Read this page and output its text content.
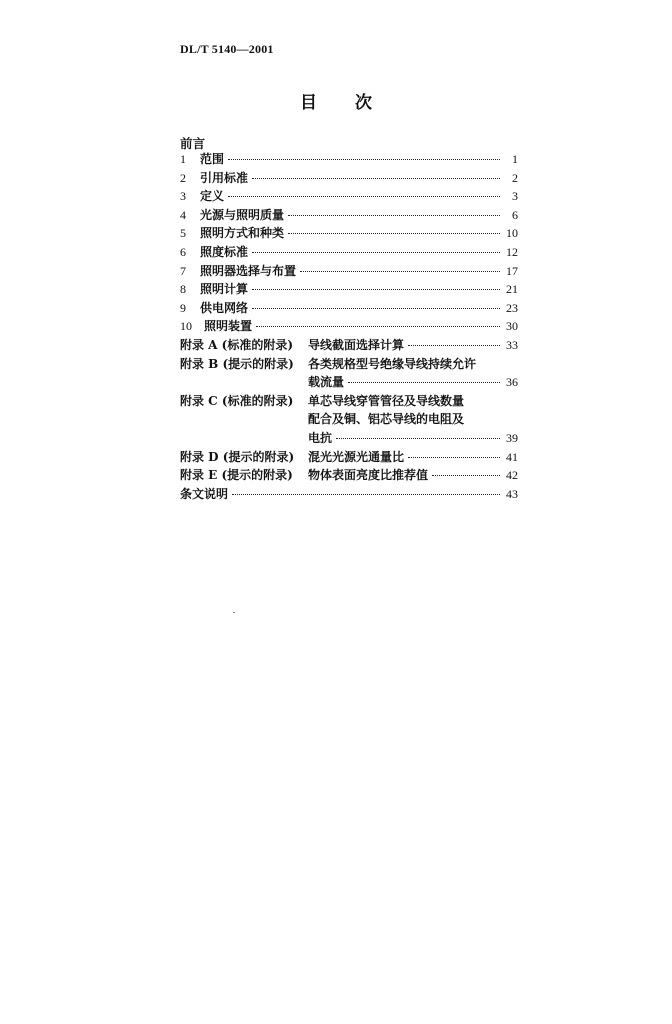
DL/T 5140—2001
目 次
前言
1	范围	1
2	引用标准	2
3	定义	3
4	光源与照明质量	6
5	照明方式和种类	10
6	照度标准	12
7	照明器选择与布置	17
8	照明计算	21
9	供电网络	23
10	照明装置	30
附录 A (标准的附录)	导线截面选择计算	33
附录 B (提示的附录)	各类规格型号绝缘导线持续允许
载流量	36
附录 C (标准的附录)	单芯导线穿管管径及导线数量
配合及铜、铝芯导线的电阻及
电抗	39
附录 D (提示的附录)	混光光源光通量比	41
附录 E (提示的附录)	物体表面亮度比推荐值	42
条文说明	43
